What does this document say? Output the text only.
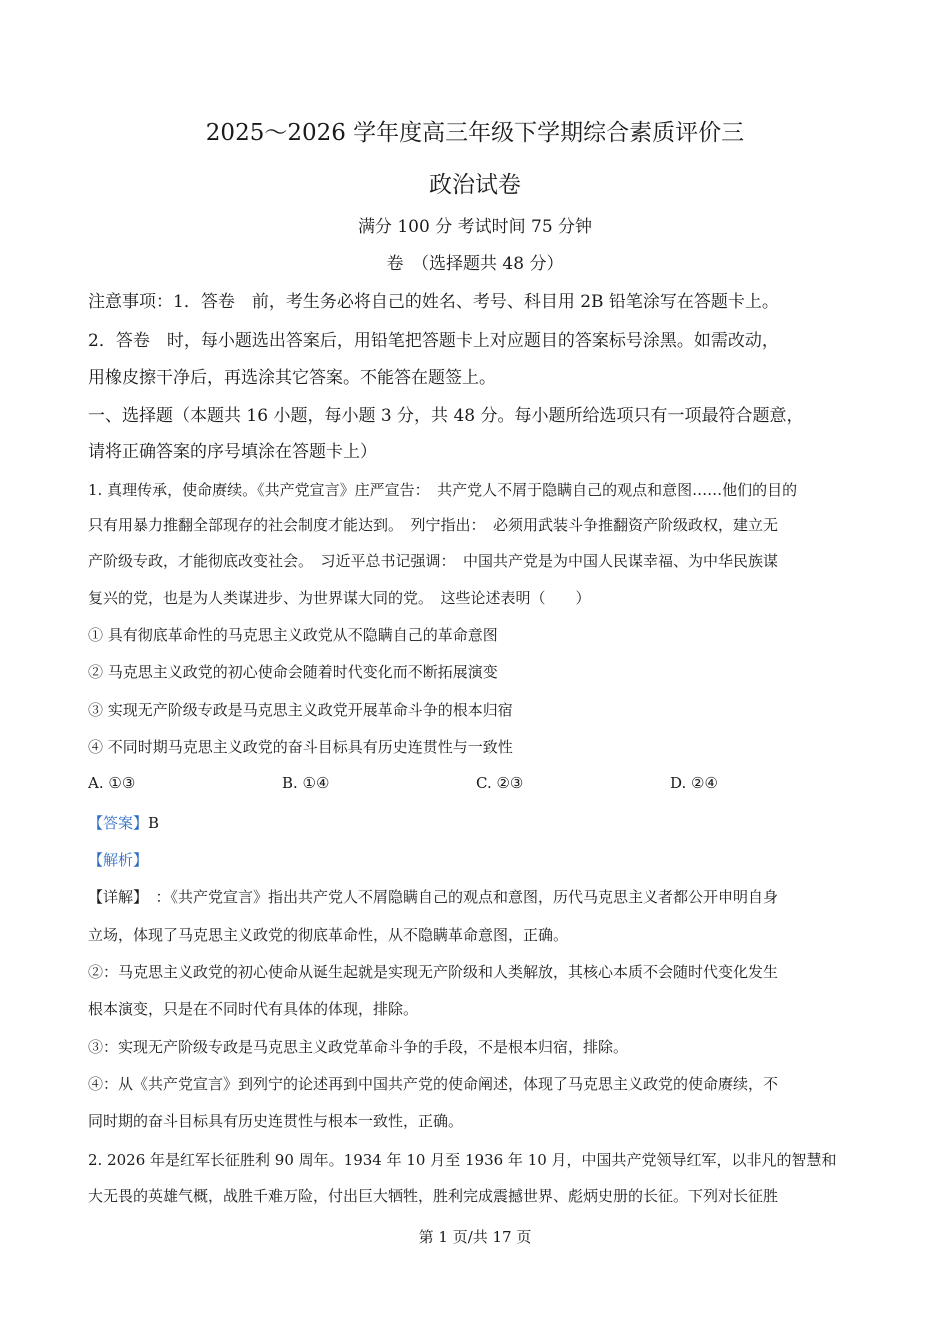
2025～2026 学年度高三年级下学期综合素质评价三
政治试卷
满分 100 分 考试时间 75 分钟
卷　（选择题共 48 分）
注意事项：1．答卷　前，考生务必将自己的姓名、考号、科目用 2B 铅笔涂写在答题卡上。
2．答卷　时，每小题选出答案后，用铅笔把答题卡上对应题目的答案标号涂黑。如需改动，
用橡皮擦干净后，再选涂其它答案。不能答在题签上。
一、选择题（本题共 16 小题，每小题 3 分，共 48 分。每小题所给选项只有一项最符合题意，
请将正确答案的序号填涂在答题卡上）
1. 真理传承，使命赓续。《共产党宣言》庄严宣告：　共产党人不屑于隐瞒自己的观点和意图……他们的目的
只有用暴力推翻全部现存的社会制度才能达到。　列宁指出：　必须用武装斗争推翻资产阶级政权，建立无
产阶级专政，才能彻底改变社会。　习近平总书记强调：　中国共产党是为中国人民谋幸福、为中华民族谋
复兴的党，也是为人类谋进步、为世界谋大同的党。　这些论述表明（　　）
① 具有彻底革命性的马克思主义政党从不隐瞒自己的革命意图
② 马克思主义政党的初心使命会随着时代变化而不断拓展演变
③ 实现无产阶级专政是马克思主义政党开展革命斗争的根本归宿
④ 不同时期马克思主义政党的奋斗目标具有历史连贯性与一致性
A. ①③	B. ①④	C. ②③	D. ②④
【答案】B
【解析】
【详解】　：《共产党宣言》指出共产党人不屑隐瞒自己的观点和意图，历代马克思主义者都公开申明自身
立场，体现了马克思主义政党的彻底革命性，从不隐瞒革命意图，正确。
②：马克思主义政党的初心使命从诞生起就是实现无产阶级和人类解放，其核心本质不会随时代变化发生
根本演变，只是在不同时代有具体的体现，排除。
③：实现无产阶级专政是马克思主义政党革命斗争的手段，不是根本归宿，排除。
④：从《共产党宣言》到列宁的论述再到中国共产党的使命阐述，体现了马克思主义政党的使命赓续，不
同时期的奋斗目标具有历史连贯性与根本一致性，正确。
2. 2026 年是红军长征胜利 90 周年。1934 年 10 月至 1936 年 10 月，中国共产党领导红军，以非凡的智慧和
大无畏的英雄气概，战胜千难万险，付出巨大牺牲，胜利完成震撼世界、彪炳史册的长征。下列对长征胜
第 1 页/共 17 页
